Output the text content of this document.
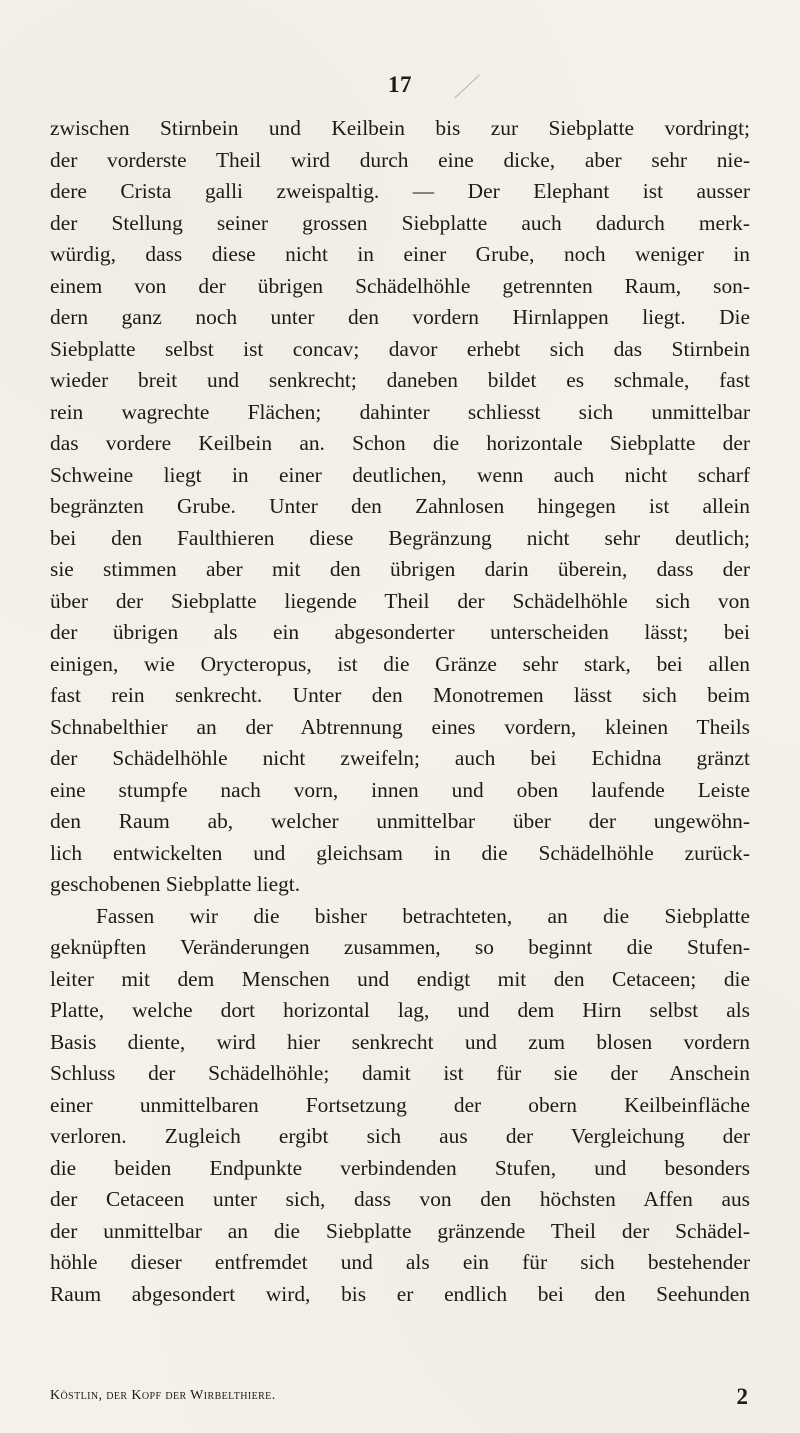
17
zwischen Stirnbein und Keilbein bis zur Siebplatte vordringt;
der vorderste Theil wird durch eine dicke, aber sehr nie-
dere Crista galli zweispaltig. — Der Elephant ist ausser
der Stellung seiner grossen Siebplatte auch dadurch merk-
würdig, dass diese nicht in einer Grube, noch weniger in
einem von der übrigen Schädelhöhle getrennten Raum, son-
dern ganz noch unter den vordern Hirnlappen liegt. Die
Siebplatte selbst ist concav; davor erhebt sich das Stirnbein
wieder breit und senkrecht; daneben bildet es schmale, fast
rein wagrechte Flächen; dahinter schliesst sich unmittelbar
das vordere Keilbein an. Schon die horizontale Siebplatte der
Schweine liegt in einer deutlichen, wenn auch nicht scharf
begränzten Grube. Unter den Zahnlosen hingegen ist allein
bei den Faulthieren diese Begränzung nicht sehr deutlich;
sie stimmen aber mit den übrigen darin überein, dass der
über der Siebplatte liegende Theil der Schädelhöhle sich von
der übrigen als ein abgesonderter unterscheiden lässt; bei
einigen, wie Orycteropus, ist die Gränze sehr stark, bei allen
fast rein senkrecht. Unter den Monotremen lässt sich beim
Schnabelthier an der Abtrennung eines vordern, kleinen Theils
der Schädelhöhle nicht zweifeln; auch bei Echidna gränzt
eine stumpfe nach vorn, innen und oben laufende Leiste
den Raum ab, welcher unmittelbar über der ungewöhn-
lich entwickelten und gleichsam in die Schädelhöhle zurück-
geschobenen Siebplatte liegt.
Fassen wir die bisher betrachteten, an die Siebplatte
geknüpften Veränderungen zusammen, so beginnt die Stufen-
leiter mit dem Menschen und endigt mit den Cetaceen; die
Platte, welche dort horizontal lag, und dem Hirn selbst als
Basis diente, wird hier senkrecht und zum blosen vordern
Schluss der Schädelhöhle; damit ist für sie der Anschein
einer unmittelbaren Fortsetzung der obern Keilbeinfläche
verloren. Zugleich ergibt sich aus der Vergleichung der
die beiden Endpunkte verbindenden Stufen, und besonders
der Cetaceen unter sich, dass von den höchsten Affen aus
der unmittelbar an die Siebplatte gränzende Theil der Schädel-
höhle dieser entfremdet und als ein für sich bestehender
Raum abgesondert wird, bis er endlich bei den Seehunden
Köstlin, der Kopf der Wirbelthiere.	2
